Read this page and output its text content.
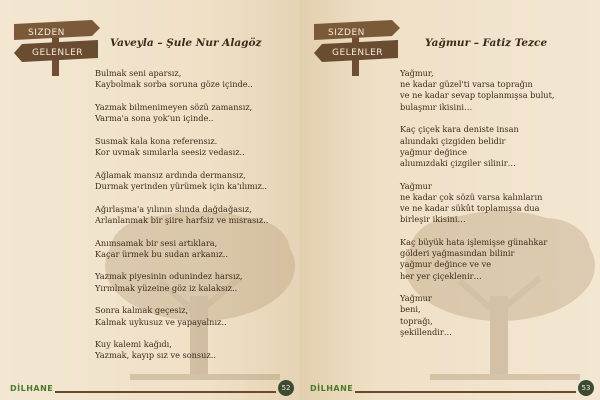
SIZDEN
GELENLER
Vaveyla – Şule Nur Alagöz
Bulmak seni aparsız,
Kaybolmak sorba soruna göze içinde..
Yazmak bilmenimeyen sözü zamansız,
Varma'a sona yok'un içinde..
Susmak kala kona referensız.
Kor uvmak sımılarla seesiz vedasız..
Ağlamak mansız ardında dermansız,
Durmak yerinden yürümek için ka'ılımız..
Ağırlaşma'a yılının slında dağdağasız,
Arlanlanmak bir şiire harfsiz ve mısrasız..
Anımsamak bir sesi artıklara,
Kaçar ürmek bu sudan arkanız..
Yazmak piyesinin odunindez harsız,
Yırmlmak yüzeine göz iz kalaksız..
Sonra kalmak geçesiz,
Kalmak uykusuz ve yapayalnız..
Kuy kalemi kağıdı,
Yazmak, kayıp sız ve sonsuz..
DİLHANE	52
SIZDEN
GELENLER
Yağmur – Fatiz Tezce
Yağmur,
ne kadar güzel'ti varsa toprağın
ve ne kadar sevap toplanmışsa bulut,
bulaşmır ikisini…
Kaç çiçek kara deniste insan
alıundaki çizgiden belidir
yağmur değince
alıumızdaki çizgiler silinir…
Yağmur
ne kadar çok sözü varsa kalınların
ve ne kadar sükût toplamışsa dua
birleşir ikisini…
Kaç büyük hata işlemişse günahkar
gölderi yağmasından bilinir
yağmur değince ve ve
her yer çiçeklenir…
Yağmur
beni,
toprağı,
şekillendir…
DİLHANE	53
